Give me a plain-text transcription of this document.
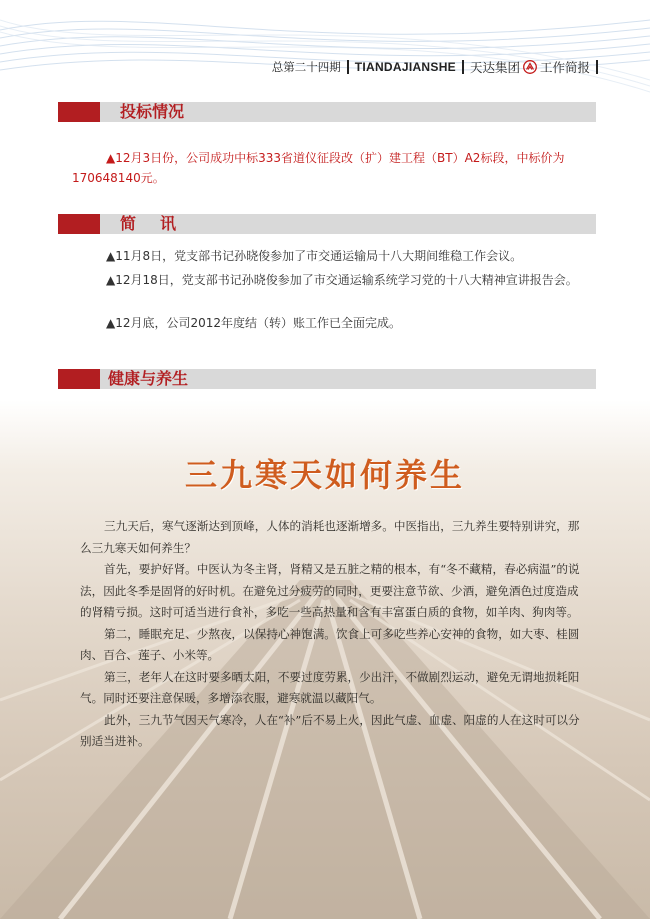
总第二十四期 TIANDAJIANSHE 天达集团 工作简报
投标情况

▲12月3日份，公司成功中标333省道仪征段改（扩）建工程（BT）A2标段，中标价为170648140元。

简　讯

▲11月8日，党支部书记孙晓俊参加了市交通运输局十八大期间维稳工作会议。

▲12月18日，党支部书记孙晓俊参加了市交通运输系统学习党的十八大精神宣讲报告会。

▲12月底，公司2012年度结（转）账工作已全面完成。

健康与养生
三九寒天如何养生

三九天后，寒气逐渐达到顶峰，人体的消耗也逐渐增多。中医指出，三九养生要特别讲究，那么三九寒天如何养生？

首先，要护好肾。中医认为冬主肾，肾精又是五脏之精的根本，有“冬不藏精，春必病温”的说法，因此冬季是固肾的好时机。在避免过分疲劳的同时，更要注意节欲、少酒，避免酒色过度造成的肾精亏损。这时可适当进行食补，多吃一些高热量和含有丰富蛋白质的食物，如羊肉、狗肉等。

第二，睡眠充足、少熬夜，以保持心神饱满。饮食上可多吃些养心安神的食物，如大枣、桂圆肉、百合、莲子、小米等。

第三，老年人在这时要多晒太阳，不要过度劳累，少出汗，不做剧烈运动，避免无谓地损耗阳气。同时还要注意保暖，多增添衣服，避寒就温以藏阳气。

此外，三九节气因天气寒冷，人在“补”后不易上火，因此气虚、血虚、阳虚的人在这时可以分别适当进补。
